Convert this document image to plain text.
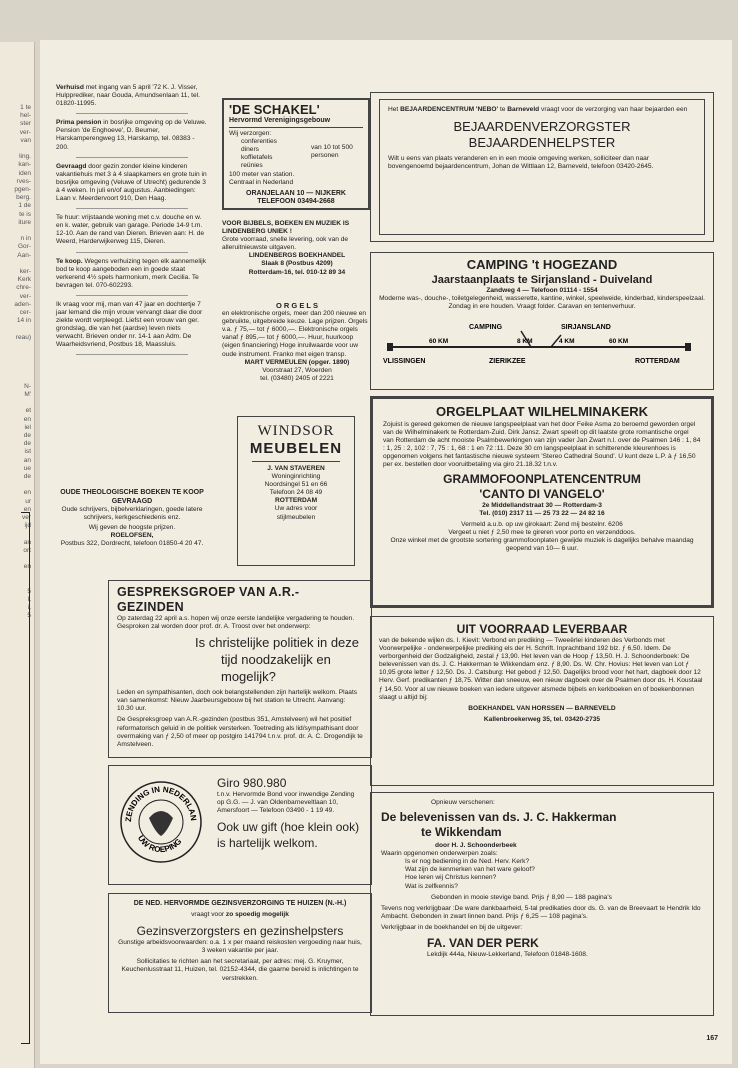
1 te
hel-
ster
ver-
van
ling.
kan-
iden
rves-
pgen-
berg.
1 de
te is
iture
n in
Gor-
Aan-
ker-
Kerk
chre-
ver-
aden-
cer-
14 in
reau)
N-
M'
et
en
iel
de
de
ist
an
ue
de
en
ur
en
ver
ijd
an
ort
en
5
l,
i,
5

Verhuisd met ingang van 5 april '72 K. J. Visser, Hulpprediker, naar Gouda, Amundsenlaan 11, tel. 01820-11995.

Prima pension in bosrijke omgeving op de Veluwe. Pension 'de Enghoeve', D. Beumer, Harskamperengweg 13, Harskamp, tel. 08383 - 200.

Gevraagd door gezin zonder kleine kinderen vakantiehuis met 3 à 4 slaapkamers en grote tuin in bosrijke omgeving (Veluwe of Utrecht) gedurende 3 à 4 weken. In juli en/of augustus. Aanbiedingen: Laan v. Meerdervoort 910, Den Haag.

Te huur: vrijstaande woning met c.v. douche en w. en k. water, gebruik van garage. Periode 14-9 t.m. 12-10. Aan de rand van Dieren. Brieven aan: H. de Weerd, Harderwijkerweg 115, Dieren.

Te koop. Wegens verhuizing tegen elk aannemelijk bod te koop aangeboden een in goede staat verkerend 4½ spels harmonium, merk Cecilia. Te bevragen tel. 070-602293.

Ik vraag voor mij, man van 47 jaar en dochtertje 7 jaar lemand die mijn vrouw vervangt daar die door ziekte wordt verpleegd. Liefst een vrouw van ger. grondslag, die van het (aardse) leven niets verwacht. Brieven onder nr. 14-1 aan Adm. De Waarheidsvriend, Postbus 18, Maassluis.

OUDE THEOLOGISCHE BOEKEN TE KOOP GEVRAAGD
Oude schrijvers, bijbelverklaringen, goede latere schrijvers, kerkgeschiedenis enz.
Wij geven de hoogste prijzen.
ROELOFSEN,
Postbus 322, Dordrecht, telefoon 01850-4 20 47.
'DE SCHAKEL'
Hervormd Verenigingsgebouw
Wij verzorgen:
conferenties
diners
koffietafels
reünies
van 10 tot 500 personen
100 meter van station.
Centraal in Nederland
ORANJELAAN 10 — NIJKERK
TELEFOON 03494-2668
VOOR BIJBELS, BOEKEN EN MUZIEK IS LINDENBERG UNIEK !
Grote voorraad, snelle levering, ook van de alleruitnieuwste uitgaven.
LINDENBERGS BOEKHANDEL
Slaak 8 (Postbus 4209)
Rotterdam-16, tel. 010-12 89 34
O R G E L S
en elektronische orgels, meer dan 200 nieuwe en gebruikte, uitgebreide keuze. Lage prijzen. Orgels v.a. ƒ 75,— tot ƒ 6000,—. Elektronische orgels vanaf ƒ 895,— tot ƒ 6000,—. Huur, huurkoop (eigen financiering) Hoge inruilwaarde voor uw oude instrument. Franko met eigen transp.
MART VERMEULEN (opger. 1890)
Voorstraat 27, Woerden
tel. (03480) 2405 of 2221
WINDSOR
MEUBELEN
J. VAN STAVEREN
Woninginrichting
Noordsingel 51 en 66
Telefoon 24 08 49
ROTTERDAM
Uw adres voor
stijlmeubelen
Het BEJAARDENCENTRUM 'NEBO' te Barneveld vraagt voor de verzorging van haar bejaarden een
BEJAARDENVERZORGSTER
BEJAARDENHELPSTER
Wilt u eens van plaats veranderen en in een mooie omgeving werken, solliciteer dan naar bovengenoemd bejaardencentrum, Johan de Wittlaan 12, Barneveld, telefoon 03420-2645.
CAMPING 't HOGEZAND
Jaarstaanplaats te Sirjansland - Duiveland
Zandweg 4 — Telefoon 01114 - 1554
Moderne was-, douche-, toiletgelegenheid, wasserette, kantine, winkel, speelweide, kinderbad, kinderspeelzaal. Zondag in ere houden. Vraagt folder. Caravan en tentenverhuur.
CAMPING	SIRJANSLAND
60 KM	8 KM	4 KM	60 KM
VLISSINGEN	ZIERIKZEE	ROTTERDAM
ORGELPLAAT WILHELMINAKERK
Zojuist is gereed gekomen de nieuwe langspeelplaat van het door Feike Asma zo beroemd geworden orgel van de Wilhelminakerk te Rotterdam-Zuid. Dirk Jansz. Zwart speelt op dit laatste grote romantische orgel van Rotterdam de acht mooiste Psalmbewerkingen van zijn vader Jan Zwart n.l. over de Psalmen 146 : 1, 84 : 1, 25 : 2, 102 : 7, 75 : 1, 68 : 1 en 72 :11. Deze 30 cm langspeelplaat in schitterende kleurenhoes is opgenomen volgens het fantastische nieuwe systeem 'Stereo Cathedral Sound'. U kunt deze L.P. à ƒ 16,50 per ex. bestellen door vooruitbetaling via giro 21.18.32 t.n.v.
GRAMMOFOONPLATENCENTRUM
'CANTO DI VANGELO'
2e Middellandstraat 30 — Rotterdam-3
Tel. (010) 2317 11 — 25 73 22 — 24 82 16
Vermeld a.u.b. op uw girokaart: Zend mij bestelnr. 6206
Vergeet u niet ƒ 2,50 mee te gireren voor porto en verzenddoos.
Onze winkel met de grootste sortering grammofoonplaten gewijde muziek is dagelijks behalve maandag geopend van 10— 6 uur.
UIT VOORRAAD LEVERBAAR
van de bekende wijlen ds. I. Kievit: Verbond en prediking — Tweeërlei kinderen des Verbonds met Voorwerpelijke - onderwerpelijke prediking els der H. Schrift. Inprachtband 192 blz. ƒ 6,50. Idem. De verborgenheid der Godzaligheid, zestal ƒ 13,90. Het leven van de Hoop ƒ 13,50. H. J. Schoonderboek: De belevenissen van ds. J. C. Hakkerman te Wikkendam enz. ƒ 8,90. Ds. W. Chr. Hovius: Het leven van Lot ƒ 10,95 grote letter ƒ 12,50. Ds. J. Catsburg: Het gebod ƒ 12,50. Dagelijks brood voor het hart, dagboek door 12 Herv. Gerf. predikanten ƒ 18,75. Witter dan sneeuw, een nieuw dagboek over de Psalmen door ds. H. Koustaal ƒ 14,50. Voor al uw nieuwe boeken van iedere uitgever alsmede bijbels en kerkboeken en of boekenbonnen slaagt u altijd bij:
BOEKHANDEL VAN HORSSEN — BARNEVELD
Kallenbroekerweg 35, tel. 03420-2735
GESPREKSGROEP VAN A.R.-GEZINDEN
Op zaterdag 22 april a.s. hopen wij onze eerste landelijke vergadering te houden. Gesproken zal worden door prof. dr. A. Troost over het onderwerp:
Is christelijke politiek in deze
tijd noodzakelijk en mogelijk?
Leden en sympathisanten, doch ook belangstellenden zijn hartelijk welkom. Plaats van samenkomst: Nieuw Jaarbeursgebouw bij het station te Utrecht. Aanvang: 10.30 uur.
De Gespreksgroep van A.R.-gezinden (postbus 351, Amstelveen) wil het positief reformatorisch geluid in de politiek versterken. Toetreding als lid/sympathisant door overmaking van ƒ 2,50 of meer op postgiro 141794 t.n.v. prof. dr. A. C. Drogendijk te Amstelveen.
ZENDING IN NEDERLAN
UW ROEPING
Giro 980.980
t.n.v. Hervormde Bond voor inwendige Zending
op G.G. — J. van Oldenbarneveltlaan 10,
Amersfoort — Telefoon 03490 - 1 19 49.
Ook uw gift (hoe klein ook)
is hartelijk welkom.
DE NED. HERVORMDE GEZINSVERZORGING TE HUIZEN (N.-H.)
vraagt voor zo spoedig mogelijk
Gezinsverzorgsters en gezinshelpsters
Gunstige arbeidsvoorwaarden: o.a. 1 x per maand reiskosten vergoeding naar huis, 3 weken vakantie per jaar.
Sollicitaties te richten aan het secretariaat, per adres: mej. G. Kruymer, Keuchenlusstraat 11, Huizen, tel. 02152-4344, die gaarne bereid is inlichtingen te verstrekken.
Opnieuw verschenen:
De belevenissen van ds. J. C. Hakkerman
te Wikkendam
door H. J. Schoonderbeek
Waarin opgenomen onderwerpen zoals:
Is er nog bediening in de Ned. Herv. Kerk?
Wat zijn de kenmerken van het ware geloof?
Hoe leren wij Christus kennen?
Wat is zelfkennis?
Gebonden in mooie stevige band. Prijs ƒ 8,90 — 188 pagina's
Tevens nog verkrijgbaar :De ware dankbaarheid, 5-tal predikaties door ds. G. van de Breevaart te Hendrik Ido Ambacht. Gebonden in zwart linnen band. Prijs ƒ 6,25 — 108 pagina's.
Verkrijgbaar in de boekhandel en bij de uitgever:
FA. VAN DER PERK
Lekdijk 444a, Nieuw-Lekkerland, Telefoon 01848-1608.
167
